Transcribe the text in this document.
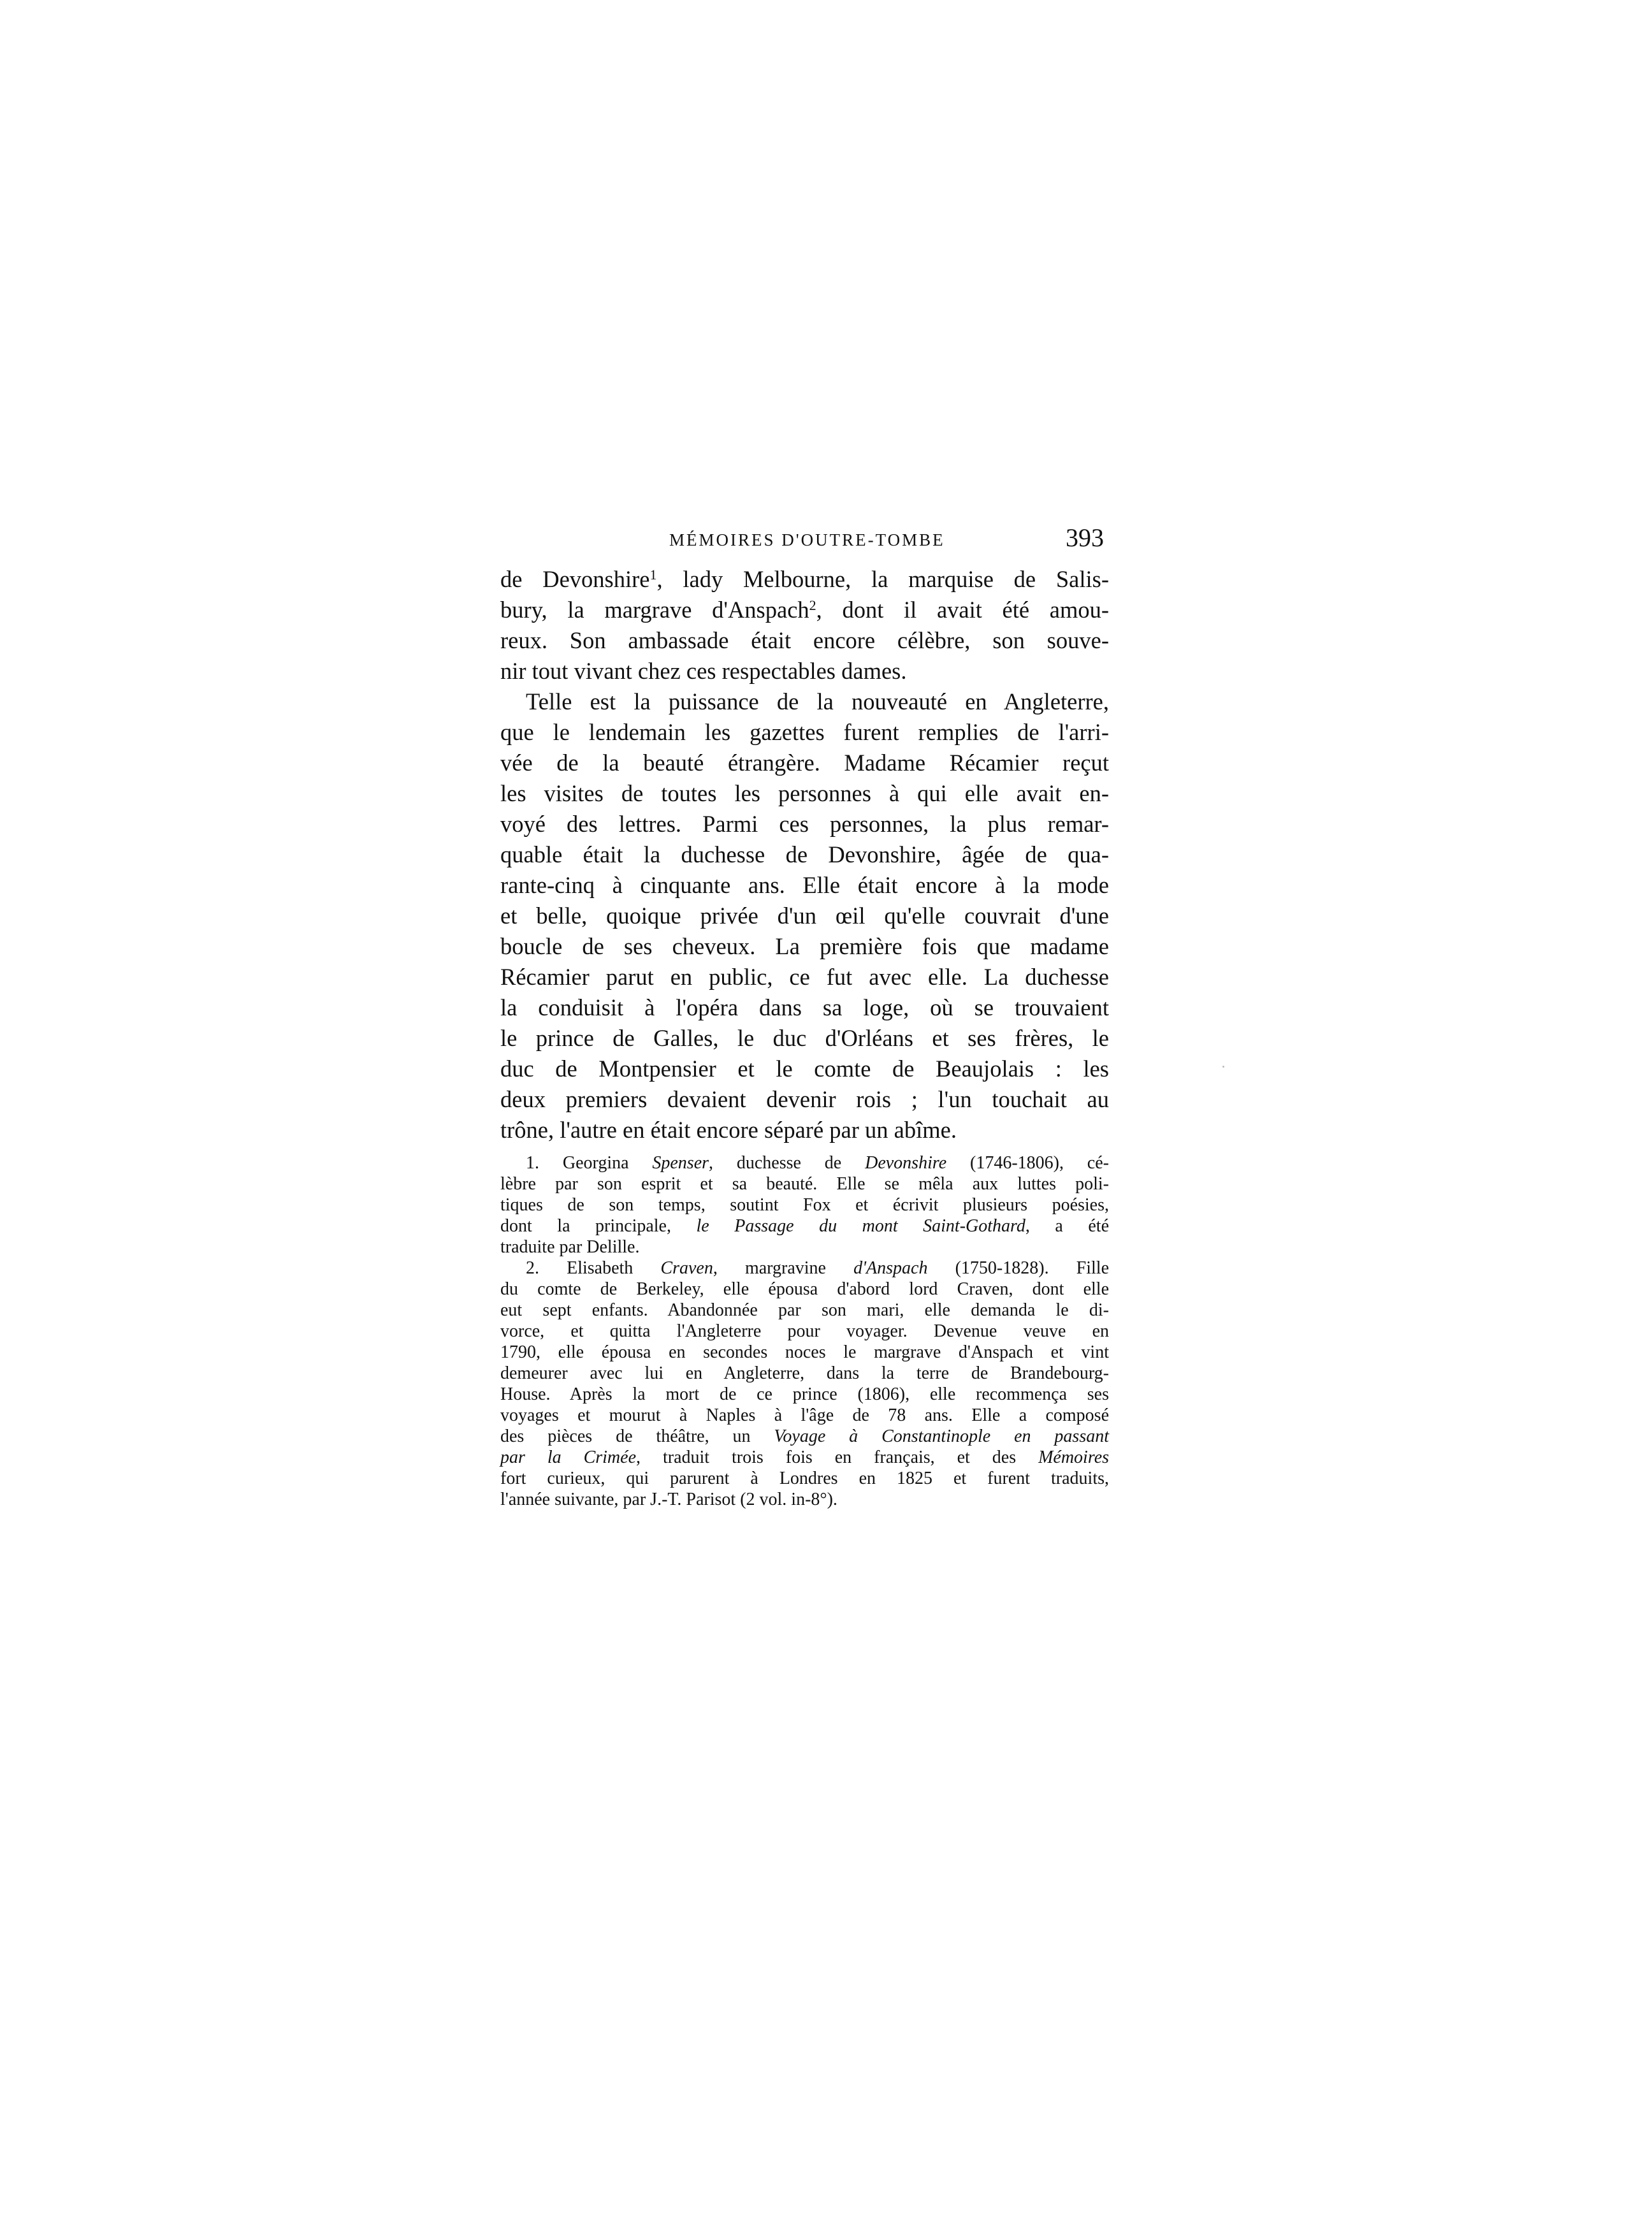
MÉMOIRES D'OUTRE-TOMBE	393
de Devonshire$^1$, lady Melbourne, la marquise de Salis-
bury, la margrave d'Anspach$^2$, dont il avait été amou-
reux. Son ambassade était encore célèbre, son souve-
nir tout vivant chez ces respectables dames.
Telle est la puissance de la nouveauté en Angleterre,
que le lendemain les gazettes furent remplies de l'arri-
vée de la beauté étrangère. Madame Récamier reçut
les visites de toutes les personnes à qui elle avait en-
voyé des lettres. Parmi ces personnes, la plus remar-
quable était la duchesse de Devonshire, âgée de qua-
rante-cinq à cinquante ans. Elle était encore à la mode
et belle, quoique privée d'un œil qu'elle couvrait d'une
boucle de ses cheveux. La première fois que madame
Récamier parut en public, ce fut avec elle. La duchesse
la conduisit à l'opéra dans sa loge, où se trouvaient
le prince de Galles, le duc d'Orléans et ses frères, le
duc de Montpensier et le comte de Beaujolais : les
deux premiers devaient devenir rois ; l'un touchait au
trône, l'autre en était encore séparé par un abîme.
1. Georgina Spenser, duchesse de Devonshire (1746-1806), cé-
lèbre par son esprit et sa beauté. Elle se mêla aux luttes poli-
tiques de son temps, soutint Fox et écrivit plusieurs poésies,
dont la principale, le Passage du mont Saint-Gothard, a été
traduite par Delille.
2. Elisabeth Craven, margravine d'Anspach (1750-1828). Fille
du comte de Berkeley, elle épousa d'abord lord Craven, dont elle
eut sept enfants. Abandonnée par son mari, elle demanda le di-
vorce, et quitta l'Angleterre pour voyager. Devenue veuve en
1790, elle épousa en secondes noces le margrave d'Anspach et vint
demeurer avec lui en Angleterre, dans la terre de Brandebourg-
House. Après la mort de ce prince (1806), elle recommença ses
voyages et mourut à Naples à l'âge de 78 ans. Elle a composé
des pièces de théâtre, un Voyage à Constantinople en passant
par la Crimée, traduit trois fois en français, et des Mémoires
fort curieux, qui parurent à Londres en 1825 et furent traduits,
l'année suivante, par J.-T. Parisot (2 vol. in-8°).
